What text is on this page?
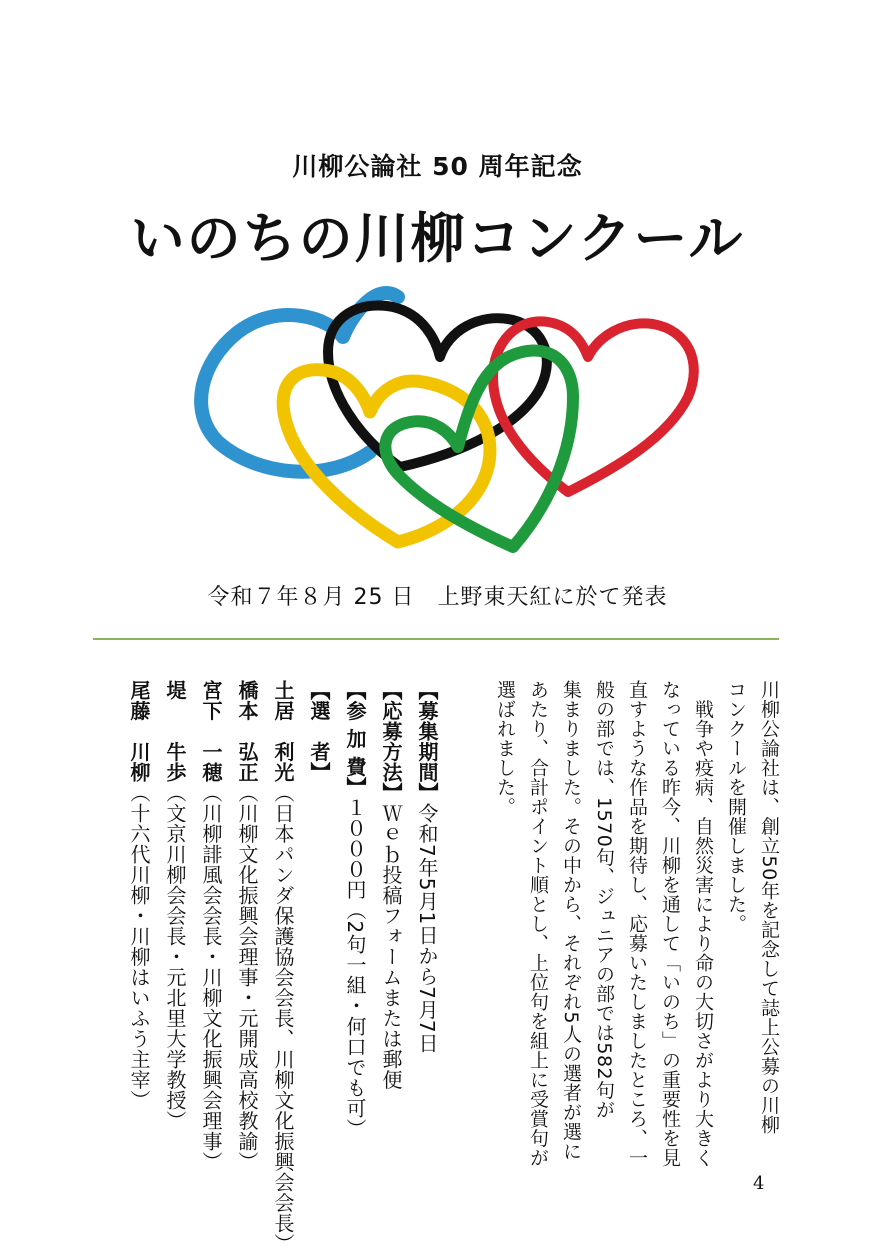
川柳公論社 50 周年記念
いのちの川柳コンクール
令和７年８月 25 日　上野東天紅に於て発表
川柳公論社は、創立50年を記念して誌上公募の川柳
コンクールを開催しました。
　戦争や疫病、自然災害により命の大切さがより大きく
なっている昨今、川柳を通して「いのち」の重要性を見
直すような作品を期待し、応募いたしましたところ、一
般の部では、1570句、ジュニアの部では582句が
集まりました。その中から、それぞれ5人の選者が選に
あたり、合計ポイント順とし、上位句を組上に受賞句が
選ばれました。
【募集期間】令和7年5月1日から7月7日
【応募方法】Ｗｅｂ投稿フォームまたは郵便
【参 加 費】１０００円（2句一組・何口でも可）
【選　者】
土居　利光（日本パンダ保護協会会長、川柳文化振興会会長）
橋本　弘正（川柳文化振興会理事・元開成高校教諭）
宮下　一穂（川柳誹風会会長・川柳文化振興会理事）
堤　　牛歩（文京川柳会会長・元北里大学教授）
尾藤　川柳（十六代川柳・川柳はいふう主宰）
4
